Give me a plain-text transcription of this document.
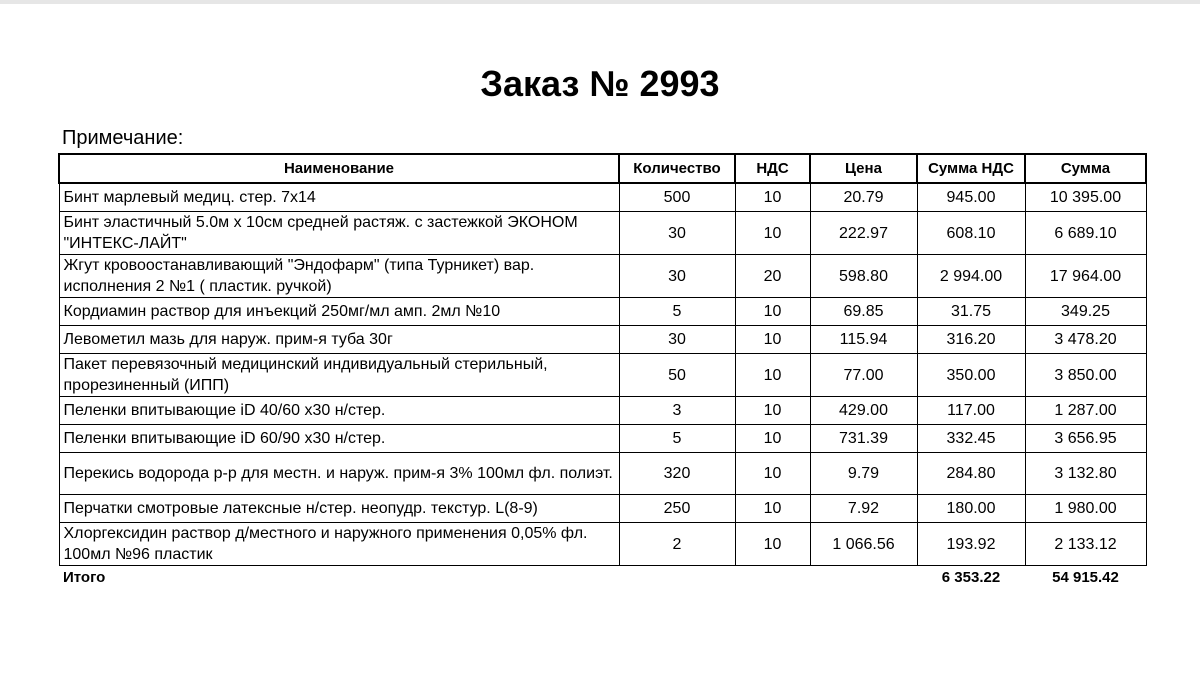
Заказ № 2993
Примечание:
Наименование	Количество	НДС	Цена	Сумма НДС	Сумма
Бинт марлевый медиц. стер. 7х14	500	10	20.79	945.00	10 395.00
Бинт эластичный 5.0м х 10см средней растяж. с застежкой ЭКОНОМ "ИНТЕКС-ЛАЙТ"	30	10	222.97	608.10	6 689.10
Жгут кровоостанавливающий "Эндофарм" (типа Турникет) вар. исполнения 2 №1 ( пластик. ручкой)	30	20	598.80	2 994.00	17 964.00
Кордиамин раствор для инъекций 250мг/мл амп. 2мл №10	5	10	69.85	31.75	349.25
Левометил мазь для наруж. прим-я туба 30г	30	10	115.94	316.20	3 478.20
Пакет перевязочный медицинский индивидуальный стерильный, прорезиненный (ИПП)	50	10	77.00	350.00	3 850.00
Пеленки впитывающие iD 40/60 х30 н/стер.	3	10	429.00	117.00	1 287.00
Пеленки впитывающие iD 60/90 х30 н/стер.	5	10	731.39	332.45	3 656.95
Перекись водорода р-р для местн. и наруж. прим-я 3% 100мл фл. полиэт.	320	10	9.79	284.80	3 132.80
Перчатки смотровые латексные н/стер. неопудр. текстур. L(8-9)	250	10	7.92	180.00	1 980.00
Хлоргексидин раствор д/местного и наружного применения 0,05% фл. 100мл №96 пластик	2	10	1 066.56	193.92	2 133.12
Итого				6 353.22	54 915.42
